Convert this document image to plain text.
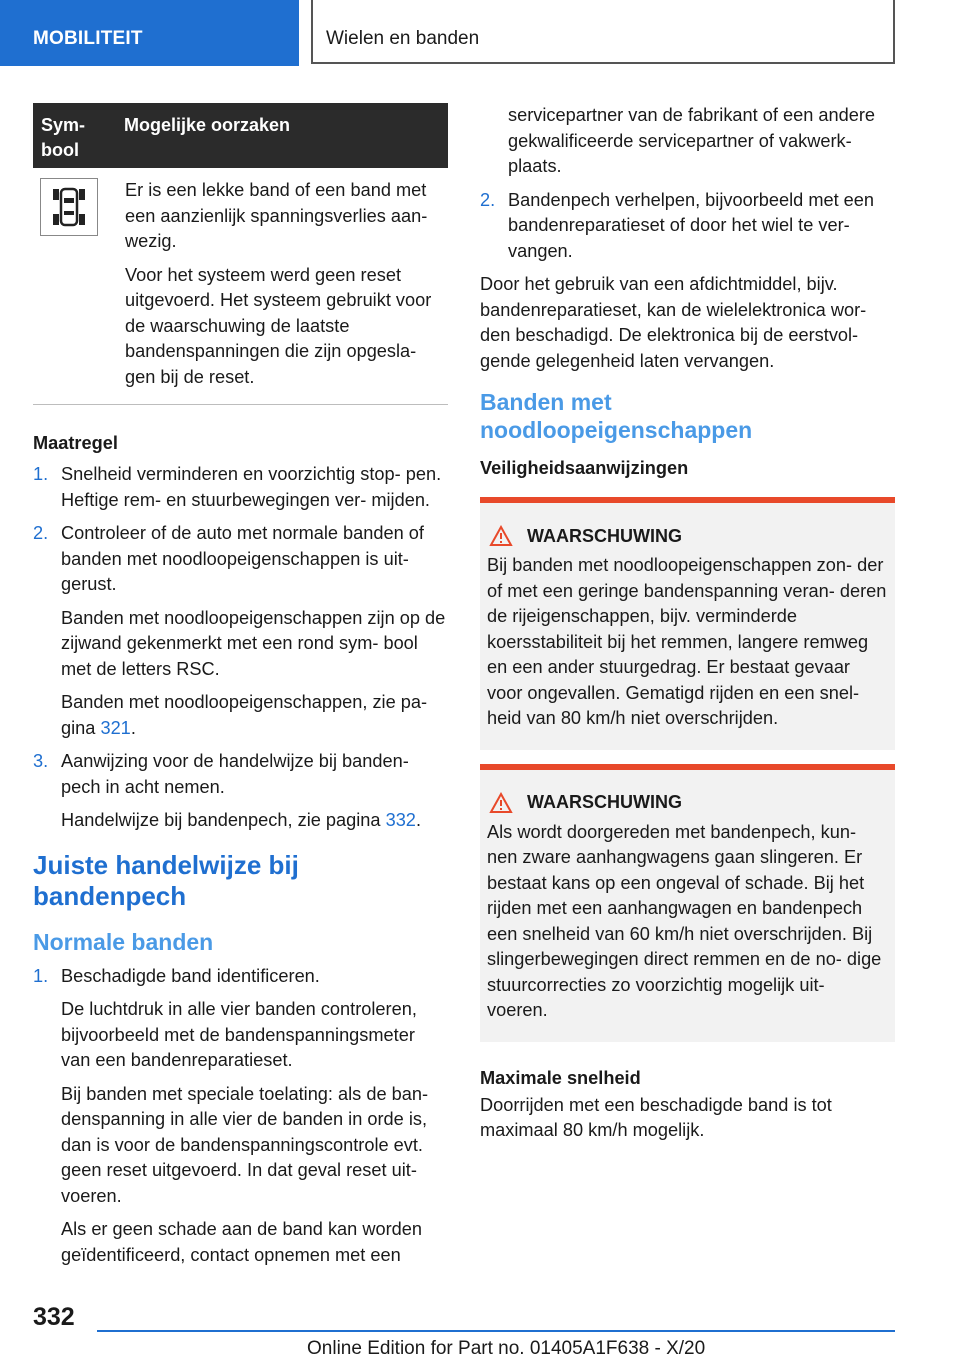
MOBILITEIT	Wielen en banden
Sym‐
bool
Mogelijke oorzaken

Er is een lekke band of een band met een aanzienlijk spanningsverlies aan‐ wezig.

Voor het systeem werd geen reset uitgevoerd. Het systeem gebruikt voor de waarschuwing de laatste bandenspanningen die zijn opgesla‐ gen bij de reset.

Maatregel
1. Snelheid verminderen en voorzichtig stop‐ pen. Heftige rem- en stuurbewegingen ver‐ mijden.
2. Controleer of de auto met normale banden of banden met noodloopeigenschappen is uit‐ gerust.
Banden met noodloopeigenschappen zijn op de zijwand gekenmerkt met een rond sym‐ bool met de letters RSC.
Banden met noodloopeigenschappen, zie pa‐ gina 321.
3. Aanwijzing voor de handelwijze bij banden‐ pech in acht nemen.
Handelwijze bij bandenpech, zie pagina 332.
Juiste handelwijze bij bandenpech
Normale banden
1. Beschadigde band identificeren.
De luchtdruk in alle vier banden controleren, bijvoorbeeld met de bandenspanningsmeter van een bandenreparatieset.
Bij banden met speciale toelating: als de ban‐ denspanning in alle vier de banden in orde is, dan is voor de bandenspanningscontrole evt. geen reset uitgevoerd. In dat geval reset uit‐ voeren.
Als er geen schade aan de band kan worden geïdentificeerd, contact opnemen met een
servicepartner van de fabrikant of een andere gekwalificeerde servicepartner of vakwerk‐ plaats.
2. Bandenpech verhelpen, bijvoorbeeld met een bandenreparatieset of door het wiel te ver‐ vangen.

Door het gebruik van een afdichtmiddel, bijv. bandenreparatieset, kan de wielelektronica wor‐ den beschadigd. De elektronica bij de eerstvol‐ gende gelegenheid laten vervangen.

Banden met noodloopeigenschappen
Veiligheidsaanwijzingen
WAARSCHUWING

Bij banden met noodloopeigenschappen zon‐ der of met een geringe bandenspanning veran‐ deren de rijeigenschappen, bijv. verminderde koersstabiliteit bij het remmen, langere remweg en een ander stuurgedrag. Er bestaat gevaar voor ongevallen. Gematigd rijden en een snel‐ heid van 80 km/h niet overschrijden.

WAARSCHUWING

Als wordt doorgereden met bandenpech, kun‐ nen zware aanhangwagens gaan slingeren. Er bestaat kans op een ongeval of schade. Bij het rijden met een aanhangwagen en bandenpech een snelheid van 60 km/h niet overschrijden. Bij slingerbewegingen direct remmen en de no‐ dige stuurcorrecties zo voorzichtig mogelijk uit‐ voeren.

Maximale snelheid

Doorrijden met een beschadigde band is tot maximaal 80 km/h mogelijk.

332
Online Edition for Part no. 01405A1F638 - X/20
